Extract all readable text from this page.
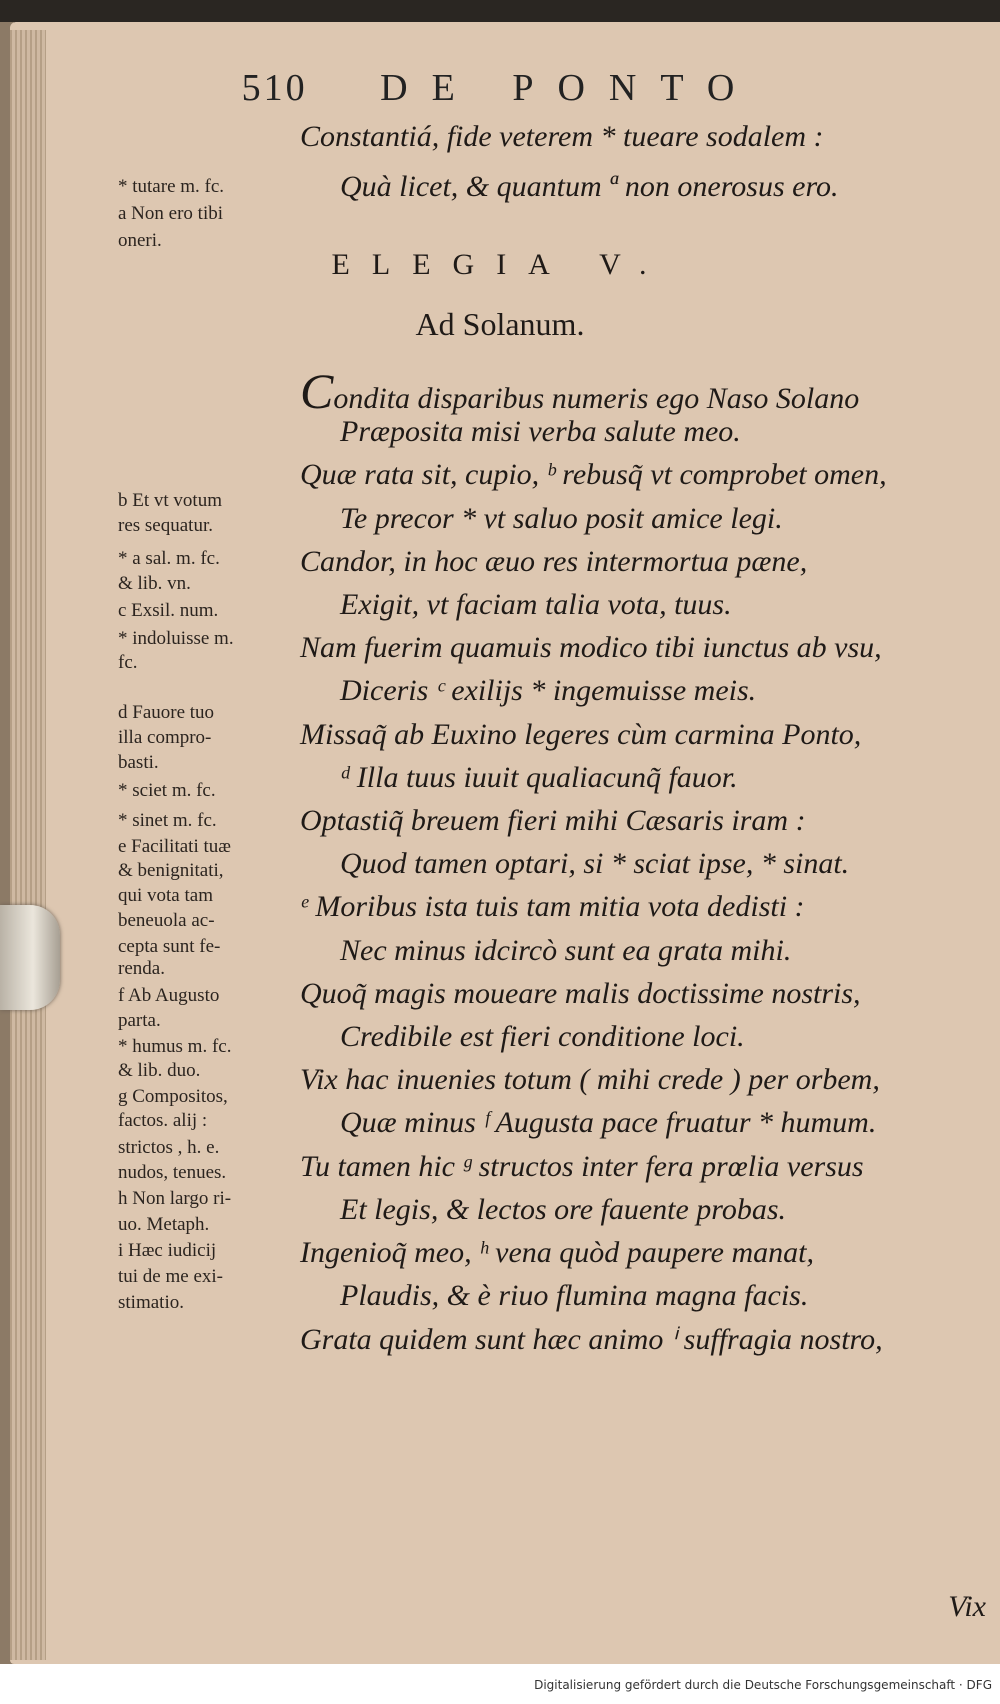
510 DE PONTO
Constantiá, fide veterem * tueare sodalem :
Quà licet, & quantum ª non onerosus ero.
ELEGIA V.
Ad Solanum.
Condita disparibus numeris ego Naso Solano
Præposita misi verba salute meo.
Quæ rata sit, cupio, ᵇ rebusq̃ vt comprobet omen,
Te precor * vt saluo posit amice legi.
Candor, in hoc æuo res intermortua pæne,
Exigit, vt faciam talia vota, tuus.
Nam fuerim quamuis modico tibi iunctus ab vsu,
Diceris ᶜ exilijs * ingemuisse meis.
Missaq̃ ab Euxino legeres cùm carmina Ponto,
ᵈ Illa tuus iuuit qualiacunq̃ fauor.
Optastiq̃ breuem fieri mihi Cæsaris iram :
Quod tamen optari, si * sciat ipse, * sinat.
ᵉ Moribus ista tuis tam mitia vota dedisti :
Nec minus idcircò sunt ea grata mihi.
Quoq̃ magis moueare malis doctissime nostris,
Credibile est fieri conditione loci.
Vix hac inuenies totum ( mihi crede ) per orbem,
Quæ minus ᶠ Augusta pace fruatur * humum.
Tu tamen hic ᵍ structos inter fera prœlia versus
Et legis, & lectos ore fauente probas.
Ingenioq̃ meo, ʰ vena quòd paupere manat,
Plaudis, & è riuo flumina magna facis.
Grata quidem sunt hæc animo ⁱ suffragia nostro,
* tutare m. fc.
a Non ero tibi
oneri.
b Et vt votum
res sequatur.
* a sal. m. fc.
& lib. vn.
c Exsil. num.
* indoluisse m.
fc.
d Fauore tuo
illa compro-
basti.
* sciet m. fc.
* sinet m. fc.
e Facilitati tuæ
& benignitati,
qui vota tam
beneuola ac-
cepta sunt fe-
renda.
f Ab Augusto
parta.
* humus m. fc.
& lib. duo.
g Compositos,
factos. alij :
strictos , h. e.
nudos, tenues.
h Non largo ri-
uo. Metaph.
i Hæc iudicij
tui de me exi-
stimatio.
Vix
Digitalisierung gefördert durch die Deutsche Forschungsgemeinschaft · DFG
